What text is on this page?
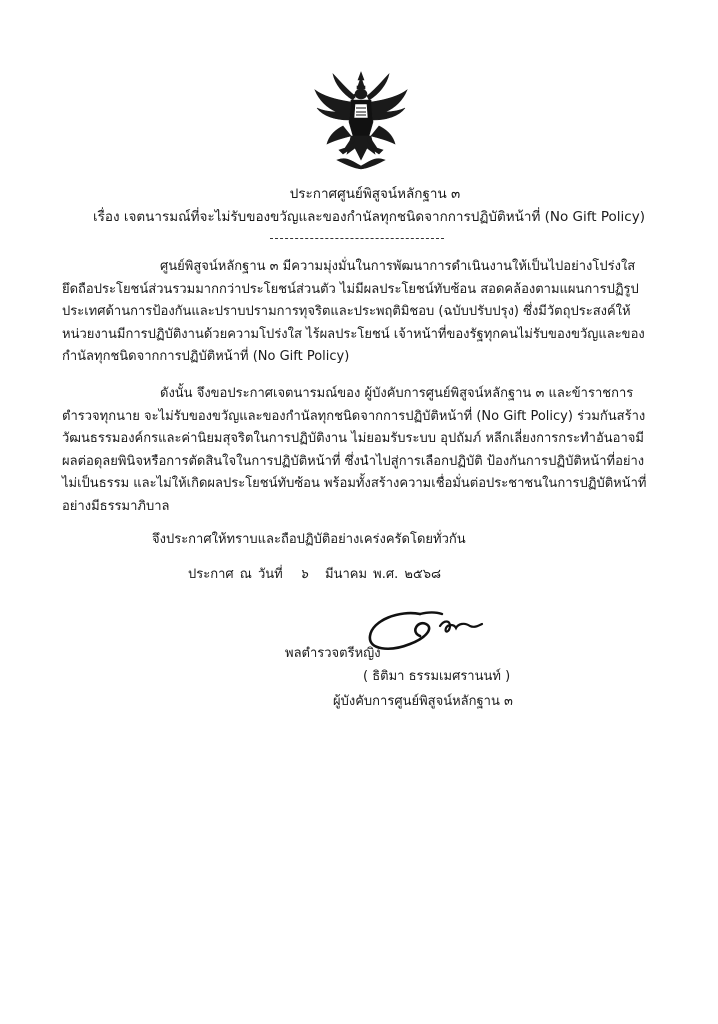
ประกาศศูนย์พิสูจน์หลักฐาน ๓
เรื่อง เจตนารมณ์ที่จะไม่รับของขวัญและของกำนัลทุกชนิดจากการปฏิบัติหน้าที่ (No Gift Policy)
ศูนย์พิสูจน์หลักฐาน ๓ มีความมุ่งมั่นในการพัฒนาการดำเนินงานให้เป็นไปอย่างโปร่งใส
ยึดถือประโยชน์ส่วนรวมมากกว่าประโยชน์ส่วนตัว ไม่มีผลประโยชน์ทับซ้อน สอดคล้องตามแผนการปฏิรูป
ประเทศด้านการป้องกันและปราบปรามการทุจริตและประพฤติมิชอบ (ฉบับปรับปรุง) ซึ่งมีวัตถุประสงค์ให้
หน่วยงานมีการปฏิบัติงานด้วยความโปร่งใส ไร้ผลประโยชน์ เจ้าหน้าที่ของรัฐทุกคนไม่รับของขวัญและของ
กำนัลทุกชนิดจากการปฏิบัติหน้าที่ (No Gift Policy)
ดังนั้น จึงขอประกาศเจตนารมณ์ของ ผู้บังคับการศูนย์พิสูจน์หลักฐาน ๓ และข้าราชการ
ตำรวจทุกนาย จะไม่รับของขวัญและของกำนัลทุกชนิดจากการปฏิบัติหน้าที่ (No Gift Policy) ร่วมกันสร้าง
วัฒนธรรมองค์กรและค่านิยมสุจริตในการปฏิบัติงาน ไม่ยอมรับระบบ อุปถัมภ์ หลีกเลี่ยงการกระทำอันอาจมี
ผลต่อดุลยพินิจหรือการตัดสินใจในการปฏิบัติหน้าที่ ซึ่งนำไปสู่การเลือกปฏิบัติ ป้องกันการปฏิบัติหน้าที่อย่าง
ไม่เป็นธรรม และไม่ให้เกิดผลประโยชน์ทับซ้อน พร้อมทั้งสร้างความเชื่อมั่นต่อประชาชนในการปฏิบัติหน้าที่
อย่างมีธรรมาภิบาล
จึงประกาศให้ทราบและถือปฏิบัติอย่างเคร่งครัดโดยทั่วกัน
ประกาศ ณ วันที่ ๖ มีนาคม พ.ศ. ๒๕๖๘
พลตำรวจตรีหญิง
( ธิติมา ธรรมเมศรานนท์ )
ผู้บังคับการศูนย์พิสูจน์หลักฐาน ๓
